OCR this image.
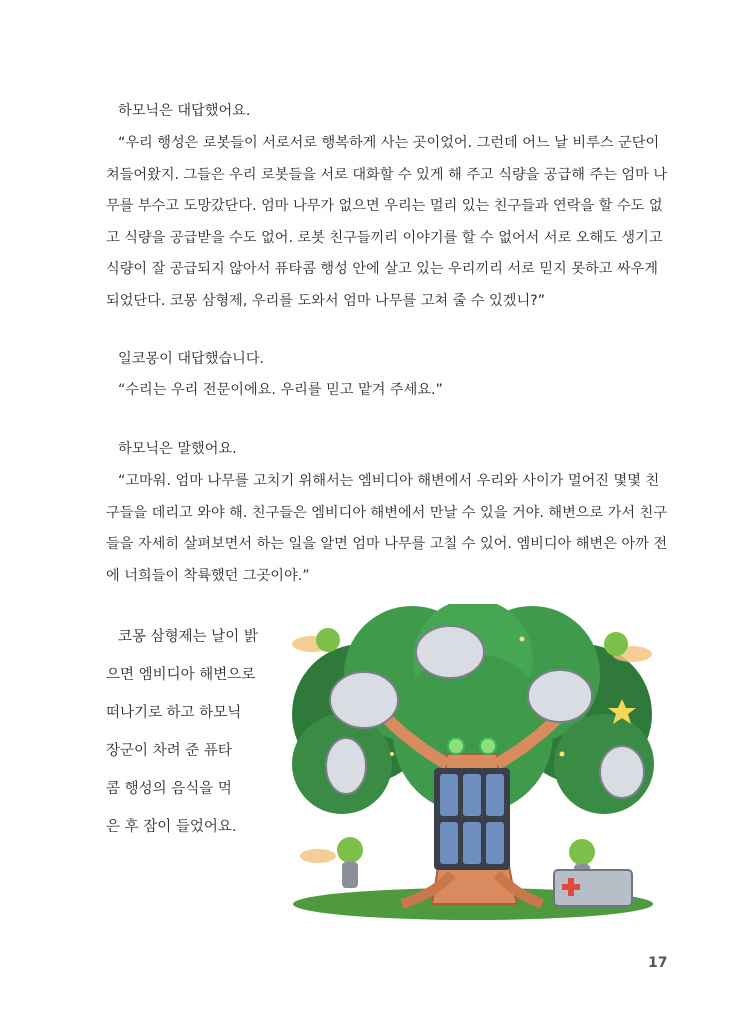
하모닉은 대답했어요.

“우리 행성은 로봇들이 서로서로 행복하게 사는 곳이었어. 그런데 어느 날 비루스 군단이
쳐들어왔지. 그들은 우리 로봇들을 서로 대화할 수 있게 해 주고 식량을 공급해 주는 엄마 나
무를 부수고 도망갔단다. 엄마 나무가 없으면 우리는 멀리 있는 친구들과 연락을 할 수도 없
고 식량을 공급받을 수도 없어. 로봇 친구들끼리 이야기를 할 수 없어서 서로 오해도 생기고
식량이 잘 공급되지 않아서 퓨타콤 행성 안에 살고 있는 우리끼리 서로 믿지 못하고 싸우게
되었단다. 코몽 삼형제, 우리를 도와서 엄마 나무를 고쳐 줄 수 있겠니?”

일코몽이 대답했습니다.

“수리는 우리 전문이에요. 우리를 믿고 맡겨 주세요.”

하모닉은 말했어요.

“고마워. 엄마 나무를 고치기 위해서는 엠비디아 해변에서 우리와 사이가 멀어진 몇몇 친
구들을 데리고 와야 해. 친구들은 엠비디아 해변에서 만날 수 있을 거야. 해변으로 가서 친구
들을 자세히 살펴보면서 하는 일을 알면 엄마 나무를 고칠 수 있어. 엠비디아 해변은 아까 전
에 너희들이 착륙했던 그곳이야.”

코몽 삼형제는 날이 밝
으면 엠비디아 해변으로
떠나기로 하고 하모닉
장군이 차려 준 퓨타
콤 행성의 음식을 먹
은 후 잠이 들었어요.

17
